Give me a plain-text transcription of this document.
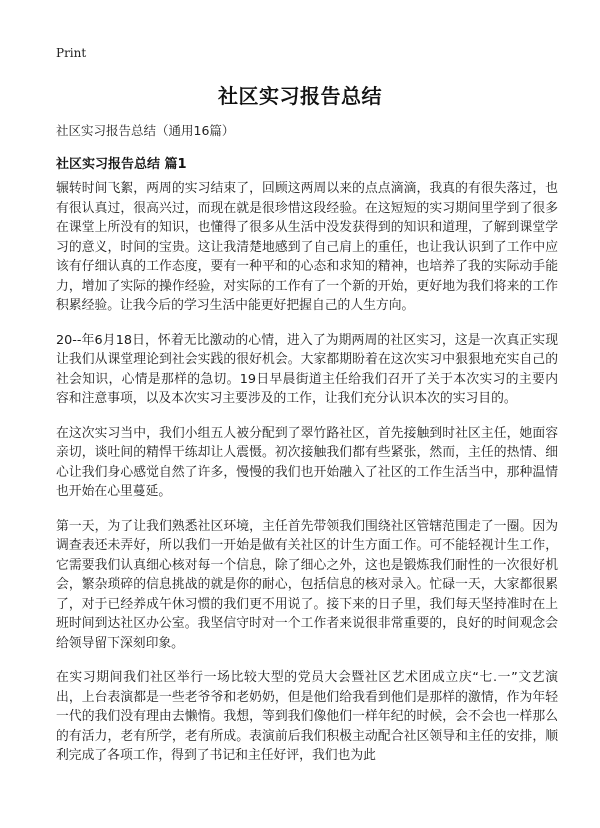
Print
社区实习报告总结
社区实习报告总结（通用16篇）
社区实习报告总结 篇1

辗转时间飞絮，两周的实习结束了，回顾这两周以来的点点滴滴，我真的有很失落过，也有很认真过，很高兴过，而现在就是很珍惜这段经验。在这短短的实习期间里学到了很多在课堂上所没有的知识，也懂得了很多从生活中没发获得到的知识和道理，了解到课堂学习的意义，时间的宝贵。这让我清楚地感到了自己肩上的重任，也让我认识到了工作中应该有仔细认真的工作态度，要有一种平和的心态和求知的精神，也培养了我的实际动手能力，增加了实际的操作经验，对实际的工作有了一个新的开始，更好地为我们将来的工作积累经验。让我今后的学习生活中能更好把握自己的人生方向。

20--年6月18日，怀着无比激动的心情，进入了为期两周的社区实习，这是一次真正实现让我们从课堂理论到社会实践的很好机会。大家都期盼着在这次实习中狠狠地充实自己的社会知识，心情是那样的急切。19日早晨街道主任给我们召开了关于本次实习的主要内容和注意事项，以及本次实习主要涉及的工作，让我们充分认识本次的实习目的。

在这次实习当中，我们小组五人被分配到了翠竹路社区，首先接触到时社区主任，她面容亲切，谈吐间的精悍干练却让人震慑。初次接触我们都有些紧张，然而，主任的热情、细心让我们身心感觉自然了许多，慢慢的我们也开始融入了社区的工作生活当中，那种温情也开始在心里蔓延。

第一天，为了让我们熟悉社区环境，主任首先带领我们围绕社区管辖范围走了一圈。因为调查表还未弄好，所以我们一开始是做有关社区的计生方面工作。可不能轻视计生工作，它需要我们认真细心核对每一个信息，除了细心之外，这也是锻炼我们耐性的一次很好机会，繁杂琐碎的信息挑战的就是你的耐心，包括信息的核对录入。忙碌一天，大家都很累了，对于已经养成午休习惯的我们更不用说了。接下来的日子里，我们每天坚持准时在上班时间到达社区办公室。我坚信守时对一个工作者来说很非常重要的，良好的时间观念会给领导留下深刻印象。

在实习期间我们社区举行一场比较大型的党员大会暨社区艺术团成立庆“七.一”文艺演出，上台表演都是一些老爷爷和老奶奶，但是他们给我看到他们是那样的激情，作为年轻一代的我们没有理由去懒惰。我想，等到我们像他们一样年纪的时候，会不会也一样那么的有活力，老有所学，老有所成。表演前后我们积极主动配合社区领导和主任的安排，顺利完成了各项工作，得到了书记和主任好评，我们也为此
